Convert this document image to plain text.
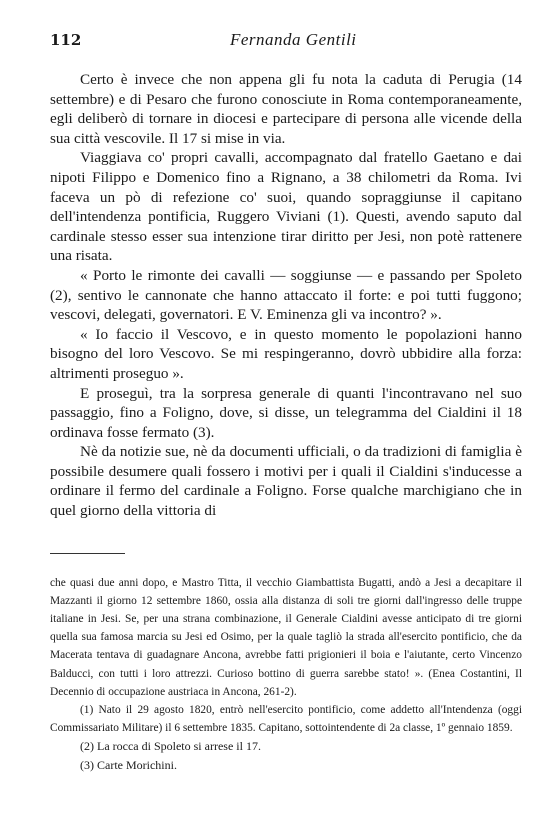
112	Fernanda Gentili

Certo è invece che non appena gli fu nota la caduta di Perugia (14 settembre) e di Pesaro che furono conosciute in Roma contemporaneamente, egli deliberò di tornare in diocesi e partecipare di persona alle vicende della sua città vescovile. Il 17 si mise in via.

Viaggiava co' propri cavalli, accompagnato dal fratello Gaetano e dai nipoti Filippo e Domenico fino a Rignano, a 38 chilometri da Roma. Ivi faceva un pò di refezione co' suoi, quando sopraggiunse il capitano dell'intendenza pontificia, Ruggero Viviani (1). Questi, avendo saputo dal cardinale stesso esser sua intenzione tirar diritto per Jesi, non potè rattenere una risata.

« Porto le rimonte dei cavalli — soggiunse — e passando per Spoleto (2), sentivo le cannonate che hanno attaccato il forte: e poi tutti fuggono; vescovi, delegati, governatori. E V. Eminenza gli va incontro? ».

« Io faccio il Vescovo, e in questo momento le popolazioni hanno bisogno del loro Vescovo. Se mi respingeranno, dovrò ubbidire alla forza: altrimenti proseguo ».

E proseguì, tra la sorpresa generale di quanti l'incontravano nel suo passaggio, fino a Foligno, dove, si disse, un telegramma del Cialdini il 18 ordinava fosse fermato (3).

Nè da notizie sue, nè da documenti ufficiali, o da tradizioni di famiglia è possibile desumere quali fossero i motivi per i quali il Cialdini s'inducesse a ordinare il fermo del cardinale a Foligno. Forse qualche marchigiano che in quel giorno della vittoria di

che quasi due anni dopo, e Mastro Titta, il vecchio Giambattista Bugatti, andò a Jesi a decapitare il Mazzanti il giorno 12 settembre 1860, ossia alla distanza di soli tre giorni dall'ingresso delle truppe italiane in Jesi. Se, per una strana combinazione, il Generale Cialdini avesse anticipato di tre giorni quella sua famosa marcia su Jesi ed Osimo, per la quale tagliò la strada all'esercito pontificio, che da Macerata tentava di guadagnare Ancona, avrebbe fatti prigionieri il boia e l'aiutante, certo Vincenzo Balducci, con tutti i loro attrezzi. Curioso bottino di guerra sarebbe stato! ». (Enea Costantini, Il Decennio di occupazione austriaca in Ancona, 261-2).

(1) Nato il 29 agosto 1820, entrò nell'esercito pontificio, come addetto all'Intendenza (oggi Commissariato Militare) il 6 settembre 1835. Capitano, sottointendente di 2a classe, 1º gennaio 1859.

(2) La rocca di Spoleto si arrese il 17.

(3) Carte Morichini.
